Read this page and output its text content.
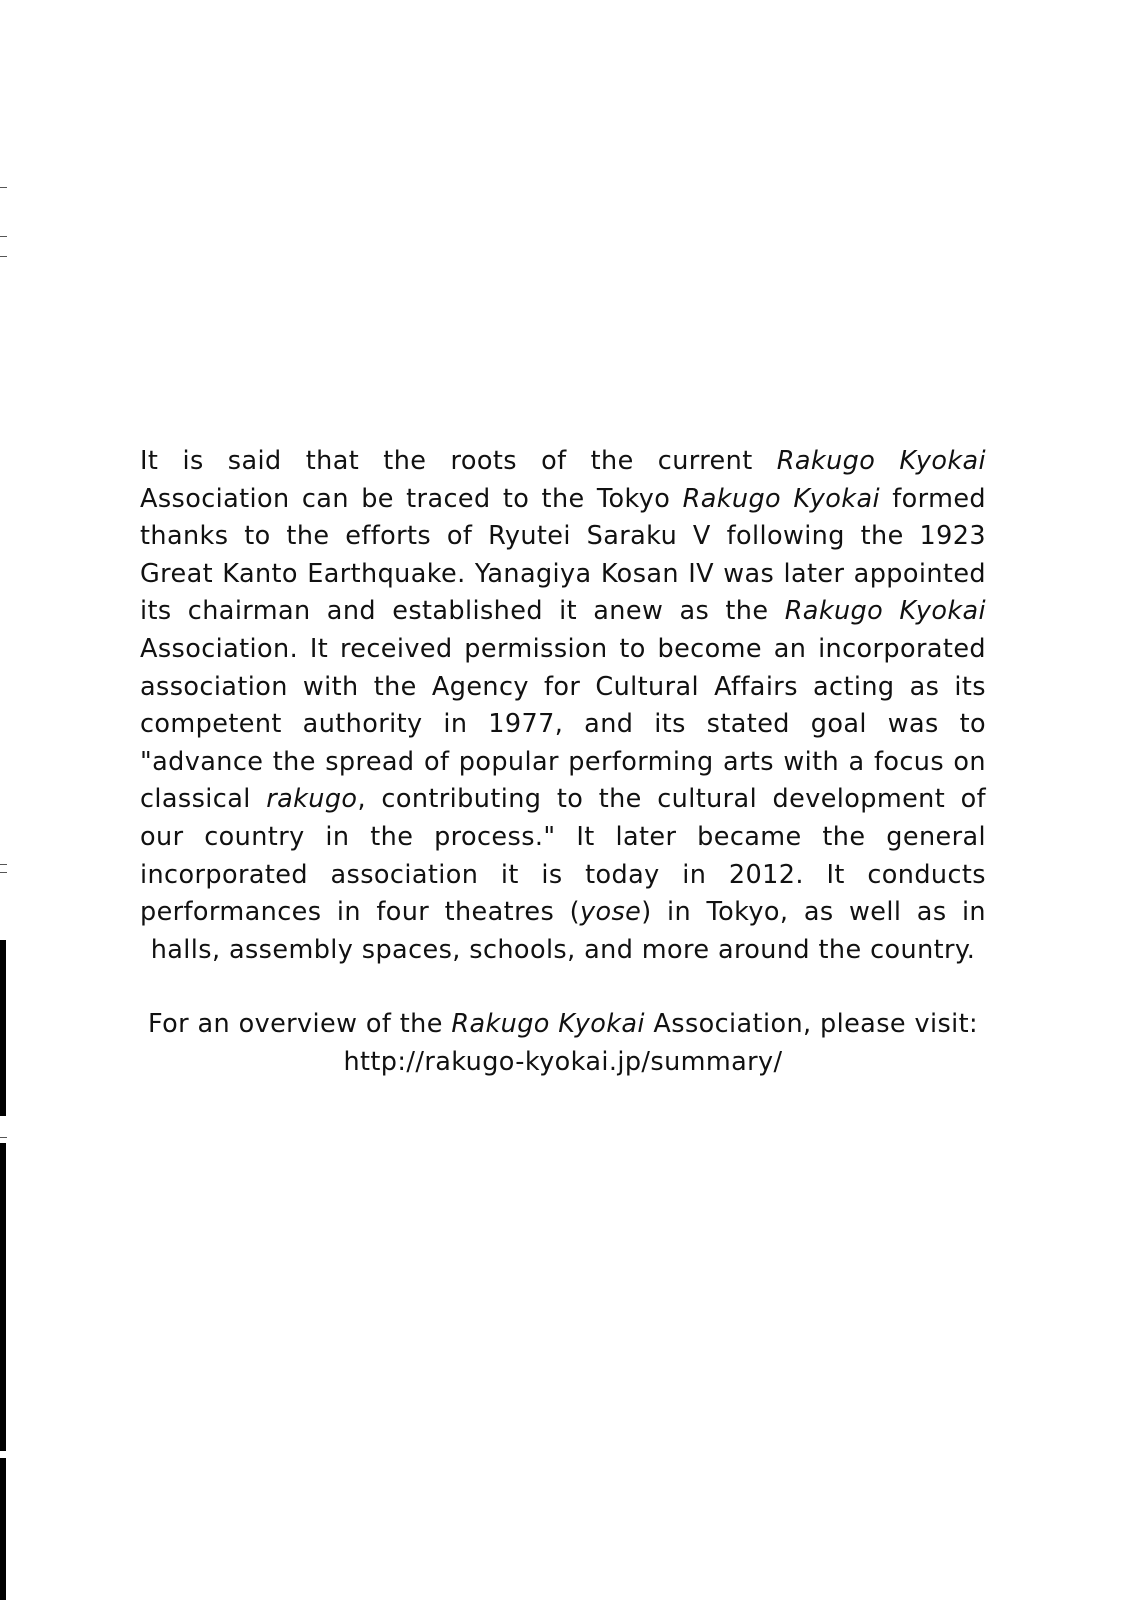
It is said that the roots of the current Rakugo Kyokai Association can be traced to the Tokyo Rakugo Kyokai formed thanks to the efforts of Ryutei Saraku V following the 1923 Great Kanto Earthquake. Yanagiya Kosan IV was later appointed its chairman and established it anew as the Rakugo Kyokai Association. It received permission to become an incorporated association with the Agency for Cultural Affairs acting as its competent authority in 1977, and its stated goal was to "advance the spread of popular performing arts with a focus on classical rakugo, contributing to the cultural development of our country in the process." It later became the general incorporated association it is today in 2012. It conducts performances in four theatres (yose) in Tokyo, as well as in halls, assembly spaces, schools, and more around the country.

For an overview of the Rakugo Kyokai Association, please visit:
http://rakugo-kyokai.jp/summary/
